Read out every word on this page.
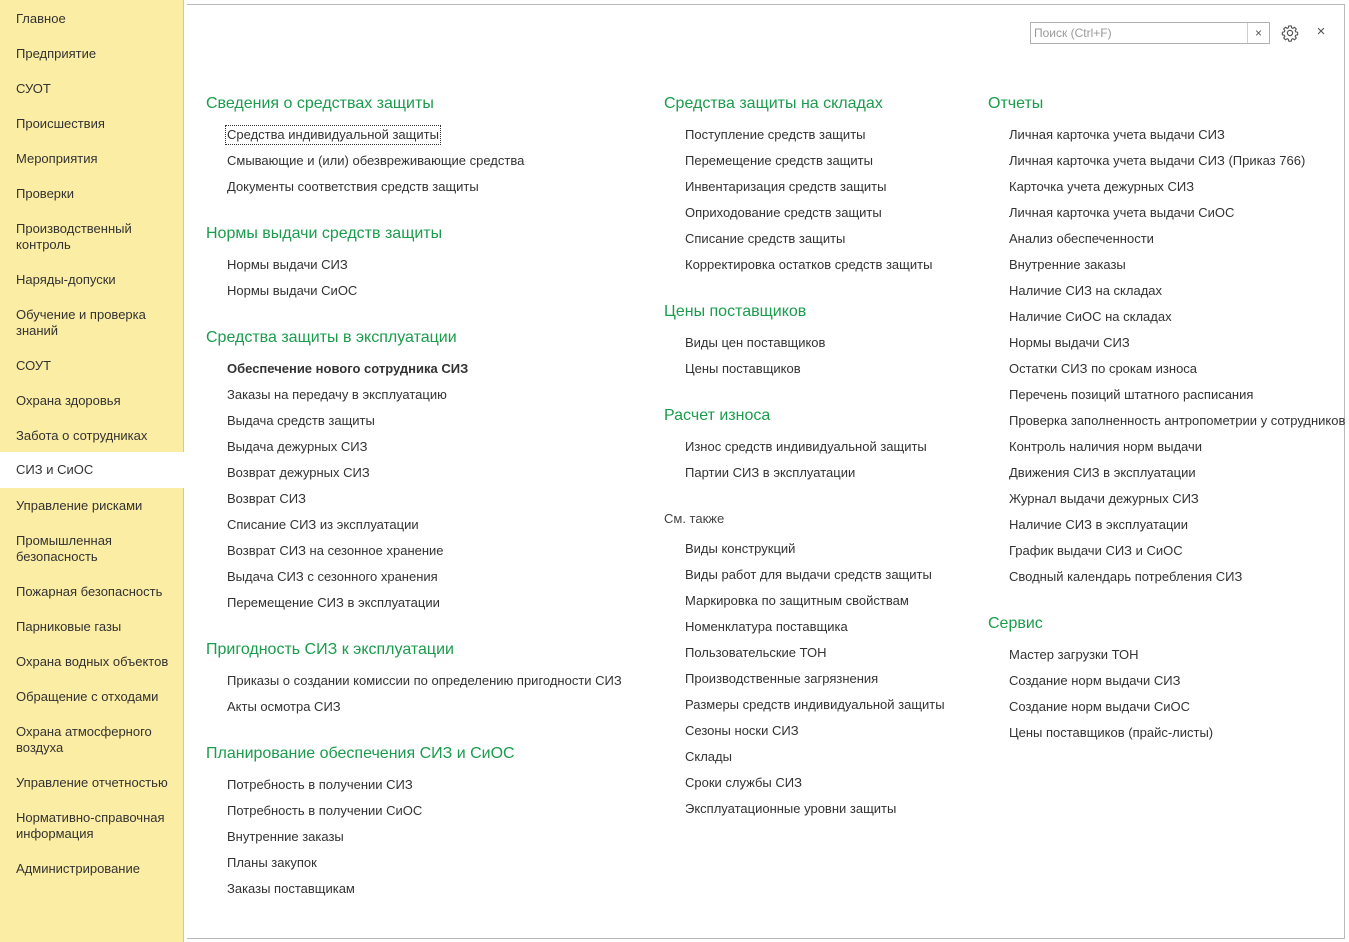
Главное
Предприятие
СУОТ
Происшествия
Мероприятия
Проверки
Производственный контроль
Наряды-допуски
Обучение и проверка знаний
СОУТ
Охрана здоровья
Забота о сотрудниках
СИЗ и СиОС
Управление рисками
Промышленная безопасность
Пожарная безопасность
Парниковые газы
Охрана водных объектов
Обращение с отходами
Охрана атмосферного воздуха
Управление отчетностью
Нормативно-справочная информация
Администрирование
Поиск (Ctrl+F)
×	×
Сведения о средствах защиты
Средства индивидуальной защиты
Смывающие и (или) обезвреживающие средства
Документы соответствия средств защиты
Нормы выдачи средств защиты
Нормы выдачи СИЗ
Нормы выдачи СиОС
Средства защиты в эксплуатации
Обеспечение нового сотрудника СИЗ
Заказы на передачу в эксплуатацию
Выдача средств защиты
Выдача дежурных СИЗ
Возврат дежурных СИЗ
Возврат СИЗ
Списание СИЗ из эксплуатации
Возврат СИЗ на сезонное хранение
Выдача СИЗ с сезонного хранения
Перемещение СИЗ в эксплуатации
Пригодность СИЗ к эксплуатации
Приказы о создании комиссии по определению пригодности СИЗ
Акты осмотра СИЗ
Планирование обеспечения СИЗ и СиОС
Потребность в получении СИЗ
Потребность в получении СиОС
Внутренние заказы
Планы закупок
Заказы поставщикам
Средства защиты на складах
Поступление средств защиты
Перемещение средств защиты
Инвентаризация средств защиты
Оприходование средств защиты
Списание средств защиты
Корректировка остатков средств защиты
Цены поставщиков
Виды цен поставщиков
Цены поставщиков
Расчет износа
Износ средств индивидуальной защиты
Партии СИЗ в эксплуатации
См. также
Виды конструкций
Виды работ для выдачи средств защиты
Маркировка по защитным свойствам
Номенклатура поставщика
Пользовательские ТОН
Производственные загрязнения
Размеры средств индивидуальной защиты
Сезоны носки СИЗ
Склады
Сроки службы СИЗ
Эксплуатационные уровни защиты
Отчеты
Личная карточка учета выдачи СИЗ
Личная карточка учета выдачи СИЗ (Приказ 766)
Карточка учета дежурных СИЗ
Личная карточка учета выдачи СиОС
Анализ обеспеченности
Внутренние заказы
Наличие СИЗ на складах
Наличие СиОС на складах
Нормы выдачи СИЗ
Остатки СИЗ по срокам износа
Перечень позиций штатного расписания
Проверка заполненность антропометрии у сотрудников
Контроль наличия норм выдачи
Движения СИЗ в эксплуатации
Журнал выдачи дежурных СИЗ
Наличие СИЗ в эксплуатации
График выдачи СИЗ и СиОС
Сводный календарь потребления СИЗ
Сервис
Мастер загрузки ТОН
Создание норм выдачи СИЗ
Создание норм выдачи СиОС
Цены поставщиков (прайс-листы)
